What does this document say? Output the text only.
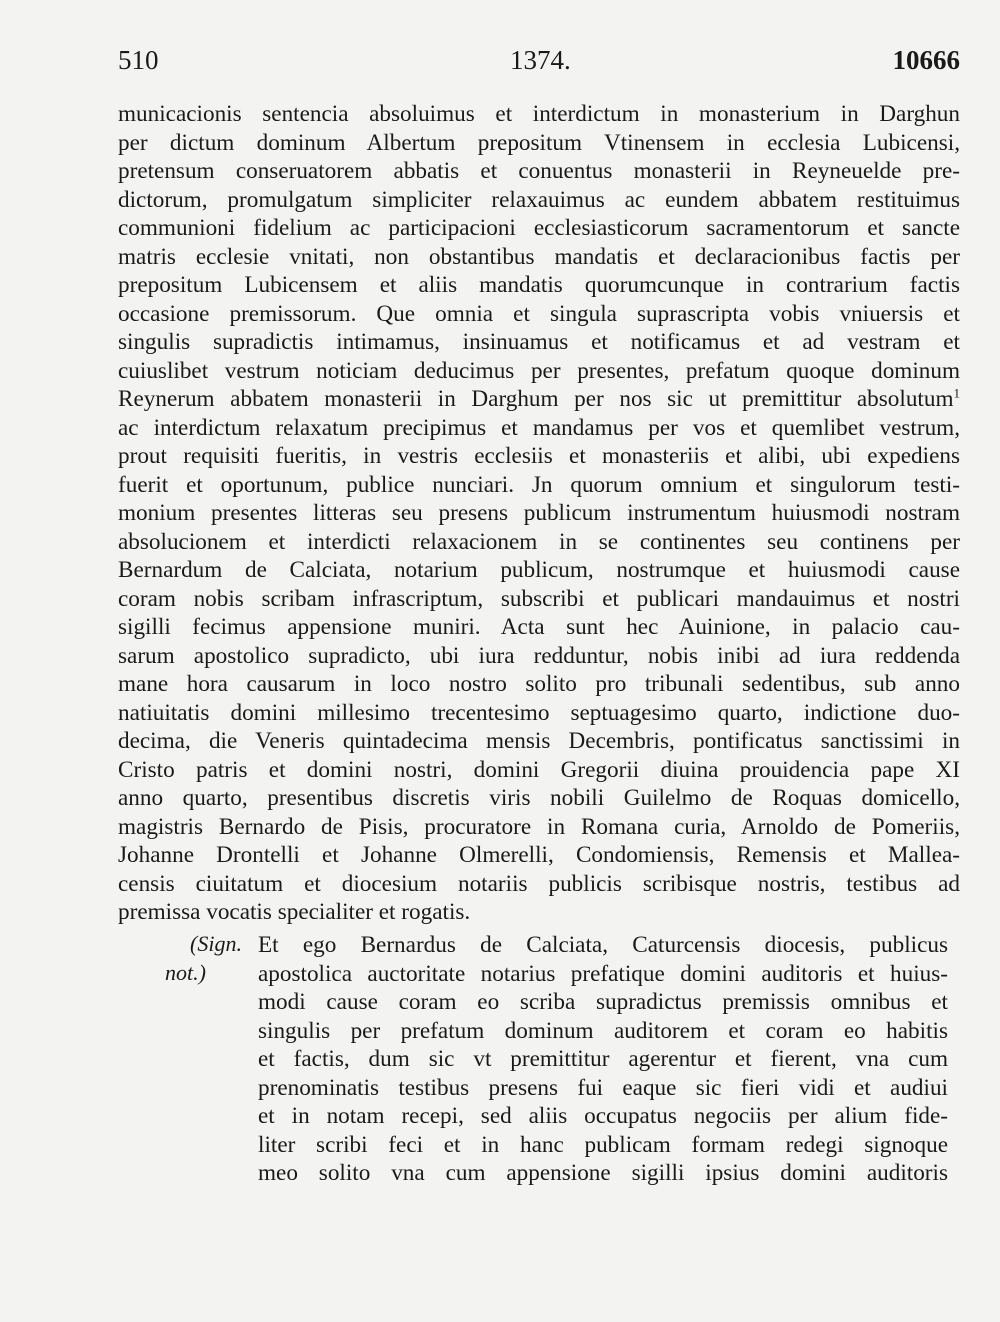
510	1374.	10666
municacionis sentencia absoluimus et interdictum in monasterium in Darghun
per dictum dominum Albertum prepositum Vtinensem in ecclesia Lubicensi,
pretensum conseruatorem abbatis et conuentus monasterii in Reyneuelde pre-
dictorum, promulgatum simpliciter relaxauimus ac eundem abbatem restituimus
communioni fidelium ac participacioni ecclesiasticorum sacramentorum et sancte
matris ecclesie vnitati, non obstantibus mandatis et declaracionibus factis per
prepositum Lubicensem et aliis mandatis quorumcunque in contrarium factis
occasione premissorum. Que omnia et singula suprascripta vobis vniuersis et
singulis supradictis intimamus, insinuamus et notificamus et ad vestram et
cuiuslibet vestrum noticiam deducimus per presentes, prefatum quoque dominum
Reynerum abbatem monasterii in Darghum per nos sic ut premittitur absolutum$^1$
ac interdictum relaxatum precipimus et mandamus per vos et quemlibet vestrum,
prout requisiti fueritis, in vestris ecclesiis et monasteriis et alibi, ubi expediens
fuerit et oportunum, publice nunciari. Jn quorum omnium et singulorum testi-
monium presentes litteras seu presens publicum instrumentum huiusmodi nostram
absolucionem et interdicti relaxacionem in se continentes seu continens per
Bernardum de Calciata, notarium publicum, nostrumque et huiusmodi cause
coram nobis scribam infrascriptum, subscribi et publicari mandauimus et nostri
sigilli fecimus appensione muniri. Acta sunt hec Auinione, in palacio cau-
sarum apostolico supradicto, ubi iura redduntur, nobis inibi ad iura reddenda
mane hora causarum in loco nostro solito pro tribunali sedentibus, sub anno
natiuitatis domini millesimo trecentesimo septuagesimo quarto, indictione duo-
decima, die Veneris quintadecima mensis Decembris, pontificatus sanctissimi in
Cristo patris et domini nostri, domini Gregorii diuina prouidencia pape XI
anno quarto, presentibus discretis viris nobili Guilelmo de Roquas domicello,
magistris Bernardo de Pisis, procuratore in Romana curia, Arnoldo de Pomeriis,
Johanne Drontelli et Johanne Olmerelli, Condomiensis, Remensis et Mallea-
censis ciuitatum et diocesium notariis publicis scribisque nostris, testibus ad
premissa vocatis specialiter et rogatis.
(Sign.
not.)
Et ego Bernardus de Calciata, Caturcensis diocesis, publicus
apostolica auctoritate notarius prefatique domini auditoris et huius-
modi cause coram eo scriba supradictus premissis omnibus et
singulis per prefatum dominum auditorem et coram eo habitis
et factis, dum sic vt premittitur agerentur et fierent, vna cum
prenominatis testibus presens fui eaque sic fieri vidi et audiui
et in notam recepi, sed aliis occupatus negociis per alium fide-
liter scribi feci et in hanc publicam formam redegi signoque
meo solito vna cum appensione sigilli ipsius domini auditoris
